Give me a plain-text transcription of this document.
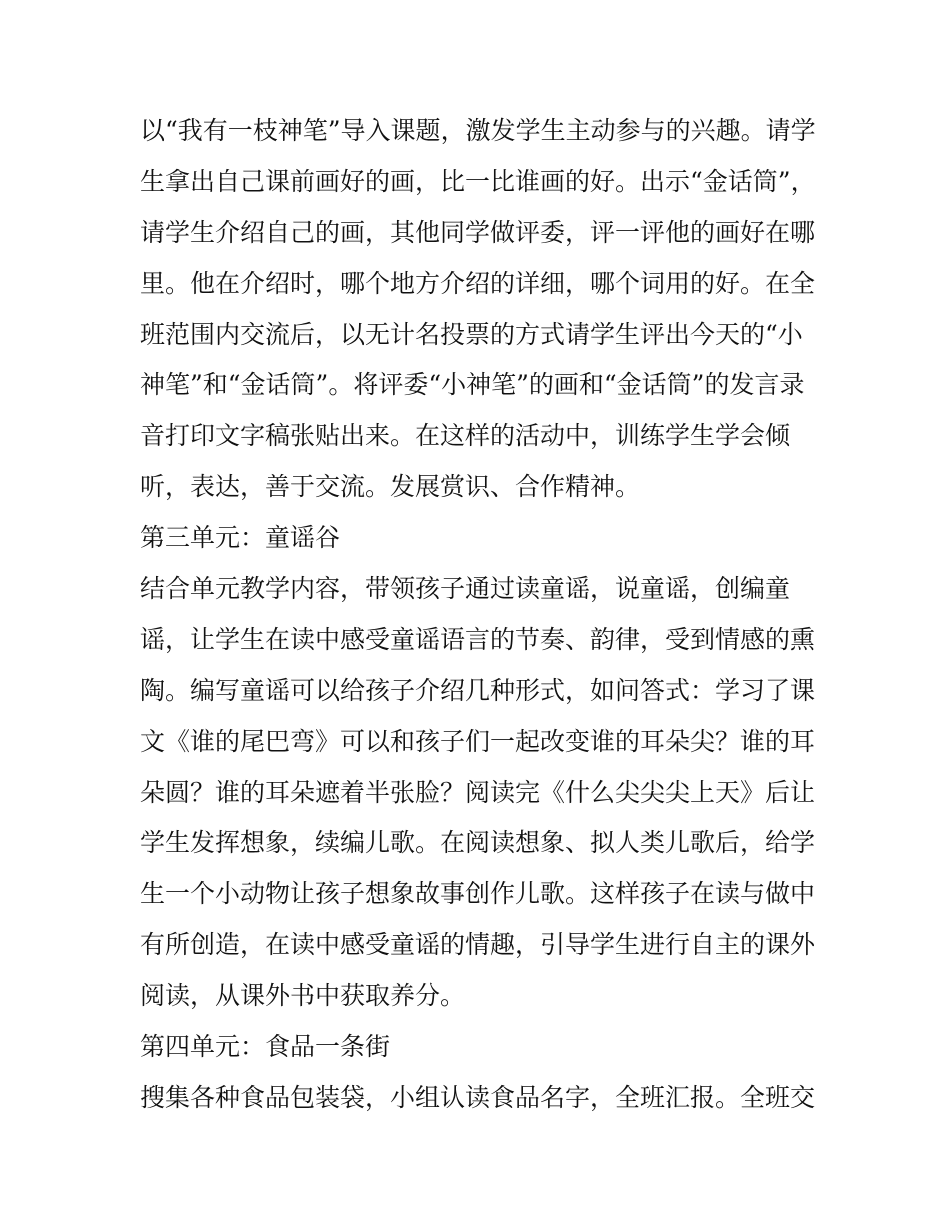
以“我有一枝神笔”导入课题，激发学生主动参与的兴趣。请学
生拿出自己课前画好的画，比一比谁画的好。出示“金话筒”，
请学生介绍自己的画，其他同学做评委，评一评他的画好在哪
里。他在介绍时，哪个地方介绍的详细，哪个词用的好。在全
班范围内交流后，以无计名投票的方式请学生评出今天的“小
神笔”和“金话筒”。将评委“小神笔”的画和“金话筒”的发言录
音打印文字稿张贴出来。在这样的活动中，训练学生学会倾
听，表达，善于交流。发展赏识、合作精神。
第三单元：童谣谷
结合单元教学内容，带领孩子通过读童谣，说童谣，创编童
谣，让学生在读中感受童谣语言的节奏、韵律，受到情感的熏
陶。编写童谣可以给孩子介绍几种形式，如问答式：学习了课
文《谁的尾巴弯》可以和孩子们一起改变谁的耳朵尖？谁的耳
朵圆？谁的耳朵遮着半张脸？阅读完《什么尖尖尖上天》后让
学生发挥想象，续编儿歌。在阅读想象、拟人类儿歌后，给学
生一个小动物让孩子想象故事创作儿歌。这样孩子在读与做中
有所创造，在读中感受童谣的情趣，引导学生进行自主的课外
阅读，从课外书中获取养分。
第四单元：食品一条街
搜集各种食品包装袋，小组认读食品名字，全班汇报。全班交
